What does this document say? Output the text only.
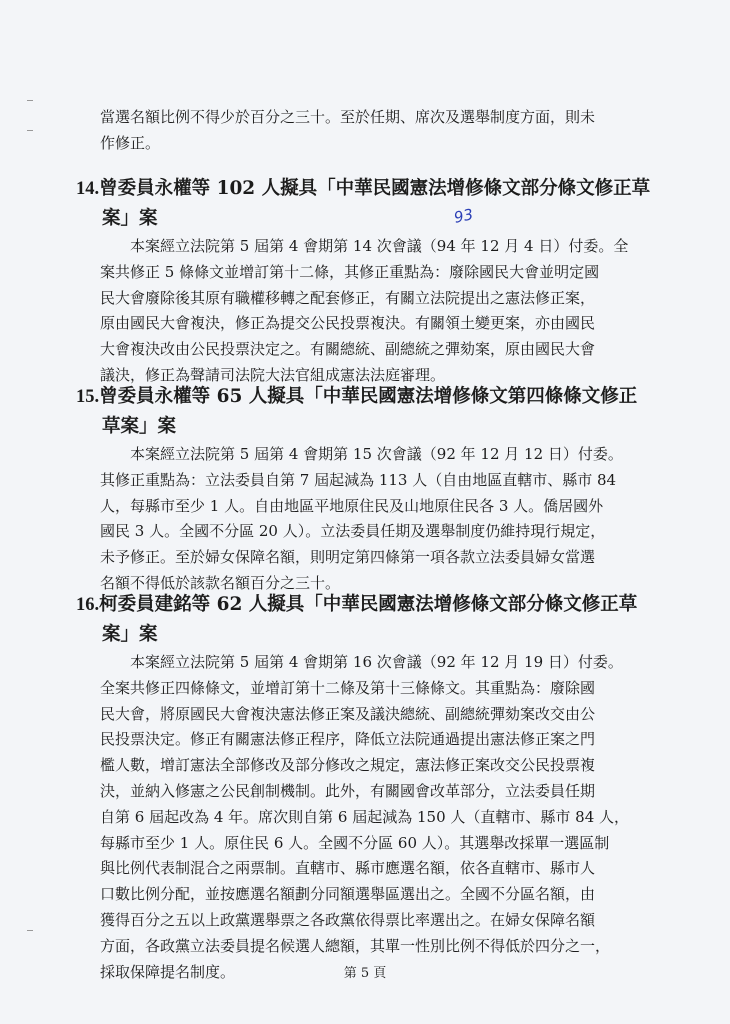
當選名額比例不得少於百分之三十。至於任期、席次及選舉制度方面，則未
作修正。
14.曾委員永權等 102 人擬具「中華民國憲法增修條文部分條文修正草
案」案
本案經立法院第 5 屆第 4 會期第 14 次會議（94 年 12 月 4 日）付委。全
案共修正 5 條條文並增訂第十二條，其修正重點為：廢除國民大會並明定國
民大會廢除後其原有職權移轉之配套修正，有關立法院提出之憲法修正案，
原由國民大會複決，修正為提交公民投票複決。有關領土變更案，亦由國民
大會複決改由公民投票決定之。有關總統、副總統之彈劾案，原由國民大會
議決，修正為聲請司法院大法官組成憲法法庭審理。
93
15.曾委員永權等 65 人擬具「中華民國憲法增修條文第四條條文修正
草案」案
本案經立法院第 5 屆第 4 會期第 15 次會議（92 年 12 月 12 日）付委。
其修正重點為：立法委員自第 7 屆起減為 113 人（自由地區直轄市、縣市 84
人，每縣市至少 1 人。自由地區平地原住民及山地原住民各 3 人。僑居國外
國民 3 人。全國不分區 20 人）。立法委員任期及選舉制度仍維持現行規定，
未予修正。至於婦女保障名額，則明定第四條第一項各款立法委員婦女當選
名額不得低於該款名額百分之三十。
16.柯委員建銘等 62 人擬具「中華民國憲法增修條文部分條文修正草
案」案
本案經立法院第 5 屆第 4 會期第 16 次會議（92 年 12 月 19 日）付委。
全案共修正四條條文，並增訂第十二條及第十三條條文。其重點為：廢除國
民大會，將原國民大會複決憲法修正案及議決總統、副總統彈劾案改交由公
民投票決定。修正有關憲法修正程序，降低立法院通過提出憲法修正案之門
檻人數，增訂憲法全部修改及部分修改之規定，憲法修正案改交公民投票複
決，並納入修憲之公民創制機制。此外，有關國會改革部分，立法委員任期
自第 6 屆起改為 4 年。席次則自第 6 屆起減為 150 人（直轄市、縣市 84 人，
每縣市至少 1 人。原住民 6 人。全國不分區 60 人）。其選舉改採單一選區制
與比例代表制混合之兩票制。直轄市、縣市應選名額，依各直轄市、縣市人
口數比例分配，並按應選名額劃分同額選舉區選出之。全國不分區名額，由
獲得百分之五以上政黨選舉票之各政黨依得票比率選出之。在婦女保障名額
方面，各政黨立法委員提名候選人總額，其單一性別比例不得低於四分之一，
採取保障提名制度。	第 5 頁
